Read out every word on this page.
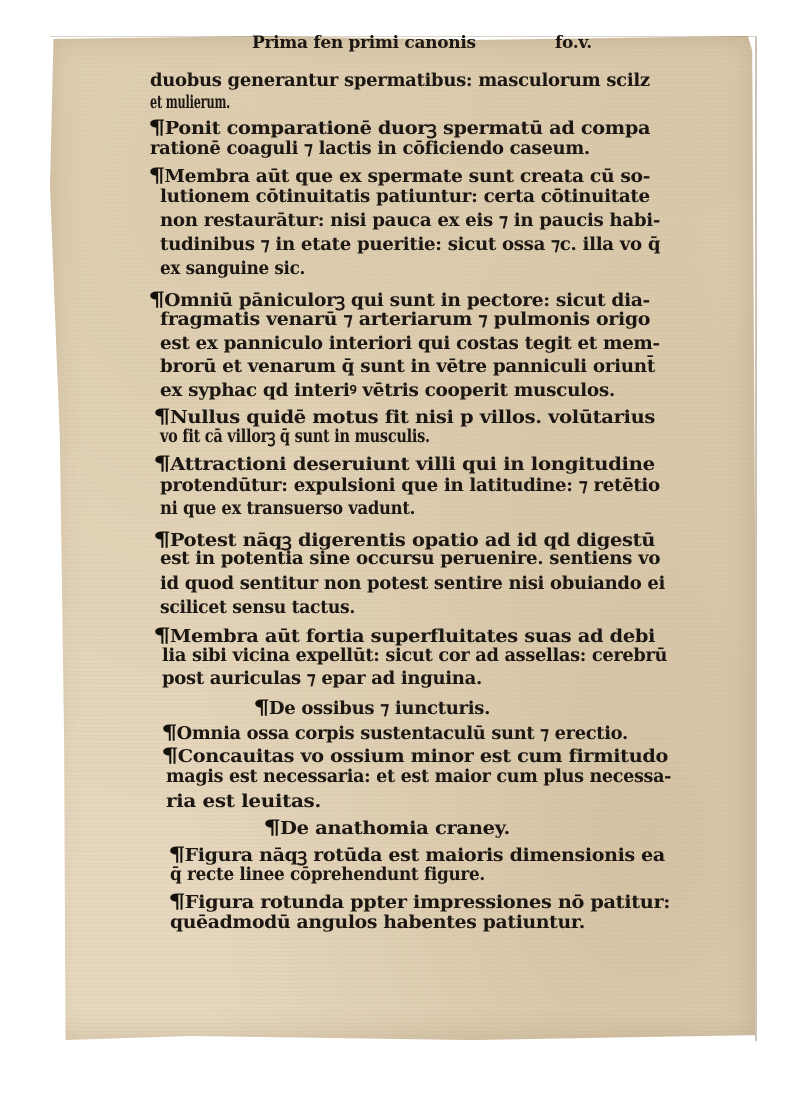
Prima fen primi canonis	fo.v.
duobus generantur spermatibus: masculorum scilz
et mulierum.
¶Ponit comparationē duorꝫ spermatū ad compa
rationē coaguli ⁊ lactis in cōficiendo caseum.
¶Membra aūt que ex spermate sunt creata cū so-
lutionem cōtinuitatis patiuntur: certa cōtinuitate
non restaurātur: nisi pauca ex eis ⁊ in paucis habi-
tudinibus ⁊ in etate pueritie: sicut ossa ⁊c. illa vo q̄
ex sanguine sic.
¶Omniū pāniculorꝫ qui sunt in pectore: sicut dia-
fragmatis venarū ⁊ arteriarum ⁊ pulmonis origo
est ex panniculo interiori qui costas tegit et mem-
brorū et venarum q̄ sunt in vētre panniculi oriunt̄
ex syphac qd interiꝰ vētris cooperit musculos.
¶Nullus quidē motus fit nisi p villos. volūtarius
vo fit cā villorꝫ q̄ sunt in musculis.
¶Attractioni deseruiunt villi qui in longitudine
protendūtur: expulsioni que in latitudine: ⁊ retētio
ni que ex transuerso vadunt.
¶Potest nāqꝫ digerentis opatio ad id qd digestū
est in potentia sine occursu peruenire. sentiens vo
id quod sentitur non potest sentire nisi obuiando ei
scilicet sensu tactus.
¶Membra aūt fortia superfluitates suas ad debi
lia sibi vicina expellūt: sicut cor ad assellas: cerebrū
post auriculas ⁊ epar ad inguina.
¶De ossibus ⁊ iuncturis.
¶Omnia ossa corpis sustentaculū sunt ⁊ erectio.
¶Concauitas vo ossium minor est cum firmitudo
magis est necessaria: et est maior cum plus necessa-
ria est leuitas.
¶De anathomia craney.
¶Figura nāqꝫ rotūda est maioris dimensionis ea
q̄ recte linee cōprehendunt figure.
¶Figura rotunda ppter impressiones nō patitur:
quēadmodū angulos habentes patiuntur.
